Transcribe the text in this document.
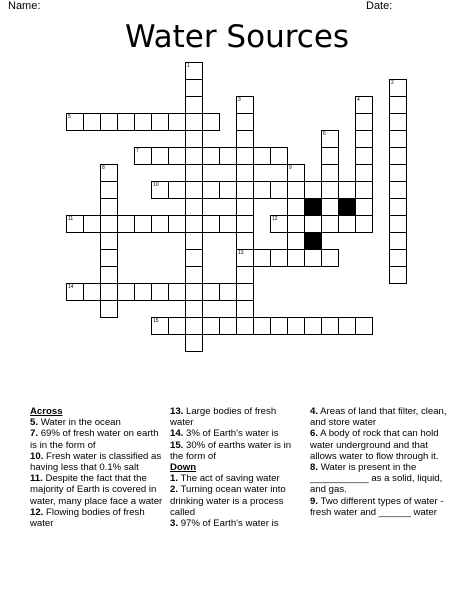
Name:	Date:
Water Sources
5
7
10
11	12
13
14
15
1
2
3	4
6
8	9
Across
5. Water in the ocean
7. 69% of fresh water on earth is in the form of
10. Fresh water is classified as having less that 0.1% salt
11. Despite the fact that the majority of Earth is covered in water, many place face a water
12. Flowing bodies of fresh water
13. Large bodies of fresh water
14. 3% of Earth's water is
15. 30% of earths water is in the form of
Down
1. The act of saving water
2. Turning ocean water into drinking water is a process called
3. 97% of Earth's water is
4. Areas of land that filter, clean, and store water
6. A body of rock that can hold water underground and that allows water to flow through it.
8. Water is present in the ___________ as a solid, liquid, and gas.
9. Two different types of water - fresh water and ______ water
